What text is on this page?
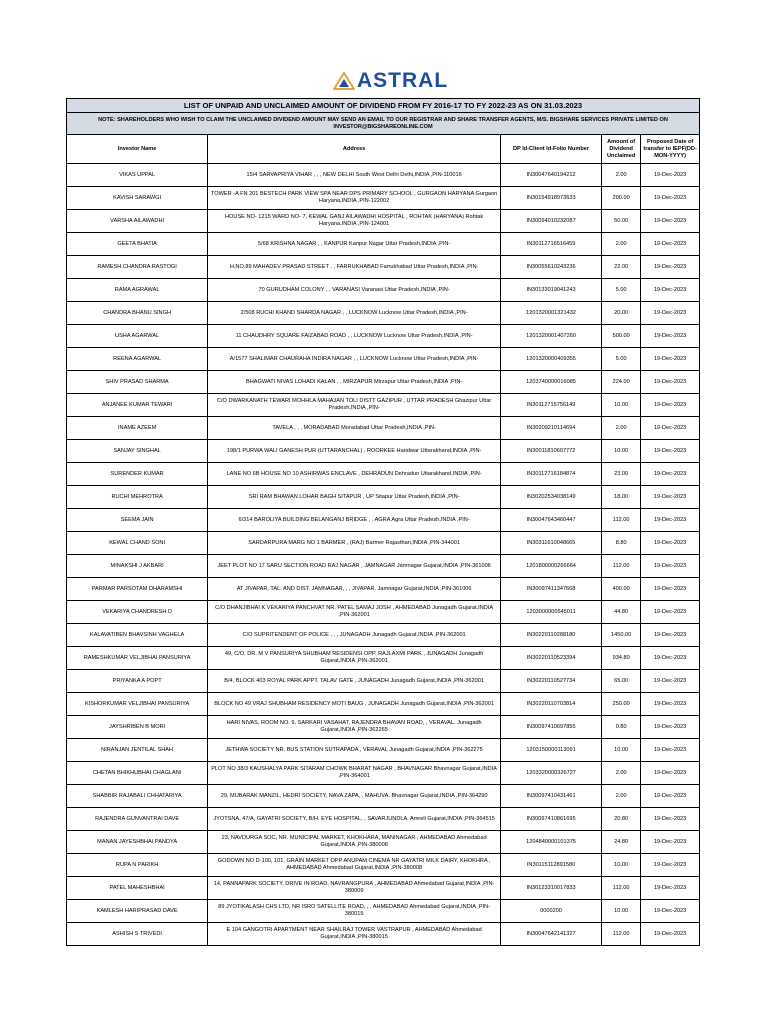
ASTRAL
LIST OF UNPAID AND UNCLAIMED AMOUNT OF DIVIDEND FROM FY 2016-17 TO FY 2022-23 AS ON 31.03.2023				
NOTE: SHAREHOLDERS WHO WISH TO CLAIM THE UNCLAIMED DIVIDEND AMOUNT MAY SEND AN EMAIL TO OUR REGISTRAR AND SHARE TRANSFER AGENTS, M/S. BIGSHARE SERVICES PRIVATE LIMITED ON INVESTOR@BIGSHAREONLINE.COM				
Investor Name	Address	DP Id-Client Id-Folio Number	Amount of Dividend Unclaimed	Proposed Date of transfer to IEPF(DD-MON-YYYY)
VIKAS UPPAL	15/4 SARVAPRIYA VIHAR , , , NEW DELHI South West Delhi Delhi,INDIA ,PIN-110016	IN30047640194212	2.00	19-Dec-2023
KAVISH SARAWGI	TOWER -A FN 201 BESTECH PARK VIEW SPA NEAR DPS PRIMARY SCHOOL , GURGAON HARYANA Gurgaon Haryana,INDIA ,PIN-122002	IN30154918973633	200.00	19-Dec-2023
VARSHA AILAWADHI	HOUSE NO- 1215 WARD NO- 7, KEWAL GANJ AILAWADHI HOSPITAL , ROHTAK (HARYANA) Rohtak Haryana,INDIA ,PIN-124001	IN30094010232087	50.00	19-Dec-2023
GEETA BHATIA	5/68 KRISHNA NAGAR , , KANPUR Kanpur Nagar Uttar Pradesh,INDIA ,PIN-	IN30112716516459	2.00	19-Dec-2023
RAMESH CHANDRA RASTOGI	H.NO.89 MAHADEV PRASAD STREET , , FARRUKHABAD Farrukhabad Uttar Pradesh,INDIA ,PIN-	IN30055610243236	22.00	19-Dec-2023
RAMA AGRAWAL	70 GURUDHAM COLONY , , VARANASI Varanasi Uttar Pradesh,INDIA ,PIN-	IN30133019041243	5.00	19-Dec-2023
CHANDRA BHANU SINGH	2/508 RUCHI KHAND SHARDA NAGAR , , LUCKNOW Lucknow Uttar Pradesh,INDIA ,PIN-	1201320001321432	20.00	19-Dec-2023
USHA AGARWAL	11 CHAUDHRY SQUARE FAIZABAD ROAD , , LUCKNOW Lucknow Uttar Pradesh,INDIA ,PIN-	1201320001407260	500.00	19-Dec-2023
REENA AGARWAL	A/1577 SHALIMAR CHAURAHA INDIRA NAGAR , , LUCKNOW Lucknow Uttar Pradesh,INDIA ,PIN-	1201320000409355	5.00	19-Dec-2023
SHIV PRASAD SHARMA	BHAGWATI NIVAS LOHADI KALAN , , MIRZAPUR Mirzapur Uttar Pradesh,INDIA ,PIN-	1203740000016085	224.00	19-Dec-2023
ANJANEE KUMAR TEWARI	C/O DWARKANATH TEWARI MOHHLA MAHAJAN TOLI DISTT GAZIPUR , UTTAR PRADESH Ghazipur Uttar Pradesh,INDIA ,PIN-	IN30112715756149	10.00	19-Dec-2023
INAME AZEEM	TAVELA , , , MORADABAD Moradabad Uttar Pradesh,INDIA ,PIN-	IN30209210114694	2.00	19-Dec-2023
SANJAY SINGHAL	198/1 PURWA WALI GANESH PUR (UTTARANCHAL) , ROORKEE Haridwar Uttarakhand,INDIA ,PIN-	IN30011810607772	10.00	19-Dec-2023
SURENDER KUMAR	LANE NO 6B HOUSE NO 10 ASHIRWAS ENCLAVE , DEHRADUN Dehradun Uttarakhand,INDIA ,PIN-	IN30112716184874	23.00	19-Dec-2023
RUCHI MEHROTRA	SRI RAM BHAWAN LOHAR BAGH SITAPUR , UP Sitapur Uttar Pradesh,INDIA ,PIN-	IN30202534038149	18.00	19-Dec-2023
SEEMA JAIN	6/314 BAROLIYA BUILDING BELANGANJ BRIDGE , , AGRA Agra Uttar Pradesh,INDIA ,PIN-	IN30047643460447	112.00	19-Dec-2023
KEWAL CHAND SONI	SARDARPURA MARG NO 1 BARMER , (RAJ) Barmer Rajasthan,INDIA ,PIN-344001	IN30311610048665	8.80	19-Dec-2023
MINAKSHI J AKBARI	JEET PLOT NO 17 SARU SECTION ROAD RAJ NAGAR , JAMNAGAR Jamnagar Gujarat,INDIA ,PIN-361006	1201800000266664	112.00	19-Dec-2023
PARMAR PARSOTAM DHARAMSHI	AT JIVAPAR, TAL. AND DIST. JAMNAGAR, , , JIVAPAR. Jamnagar Gujarat,INDIA ,PIN-361006	IN30097411347668	400.00	19-Dec-2023
VEKARIYA CHANDRESH D	C/O DHANJIBHAI K VEKARIYA PANCHVAT NR. PATEL SAMAJ JOSH , AHMEDABAD Junagadh Gujarat,INDIA ,PIN-362001	1203000000545011	44.80	19-Dec-2023
KALAVATIBEN BHAVSINH VAGHELA	C/O SUPRITENDENT OF POLICE , , , JUNAGADH Junagadh Gujarat,INDIA ,PIN-362001	IN30220110288180	1450.00	19-Dec-2023
RAMESHKUMAR VELJIBHAI PANSURIYA	49, C/O. DR. M V PANSURIYA SHUBHAM RESIDENSI OPP. RAJLAXMI PARK , JUNAGADH Junagadh Gujarat,INDIA ,PIN-362001	IN30220110523394	934.80	19-Dec-2023
PRIYANKA A POPT	B/4, BLOCK 403 ROYAL PARK APPT. TALAV GATE , JUNAGADH Junagadh Gujarat,INDIA ,PIN-362001	IN30220110527734	65.00	19-Dec-2023
KISHORKUMAR VELJIBHAI PANSURIYA	BLOCK NO 49 VRAJ SHUBHAM RESIDENCY MOTI BAUG , JUNAGADH Junagadh Gujarat,INDIA ,PIN-362001	IN30220110703814	250.00	19-Dec-2023
JAYSHRIBEN B MORI	HARI NIVAS, ROOM NO. 9, SARKARI VASAHAT, RAJENDRA BHAVAN ROAD, , VERAVAL. Junagadh Gujarat,INDIA ,PIN-362265	IN30097410697855	0.80	19-Dec-2023
NIRANJAN JENTILAL SHAH	JETHWA SOCIETY NR. BUS STATION SUTRAPADA , VERAVAL Junagadh Gujarat,INDIA ,PIN-362275	1203150000113091	10.00	19-Dec-2023
CHETAN BHIKHUBHAI CHAGLANI	PLOT NO 38/3 KAUSHALYA PARK SITARAM CHOWK BHARAT NAGAR , BHAVNAGAR Bhavnagar Gujarat,INDIA ,PIN-364001	1203320000326727	2.00	19-Dec-2023
SHABBIR RAJABALI CHHATARIYA	29, MUBARAK MANZIL, HEDRI SOCIETY, NAVA ZAPA, , MAHUVA. Bhavnagar Gujarat,INDIA ,PIN-364290	IN30097410431461	2.00	19-Dec-2023
RAJENDRA GUNVANTRAI DAVE	JYOTSNA, 47/A, GAYATRI SOCIETY, B/H. EYE HOSPITAL, , SAVARJUNDLA. Amreli Gujarat,INDIA ,PIN-364515	IN30097410861695	20.80	19-Dec-2023
MANAN JAYESHBHAI PANDYA	23, NAVDURGA SOC, NR. MUNICIPAL MARKET, KHOKHARA, MANINAGAR , AHMEDABAD Ahmedabad Gujarat,INDIA ,PIN-380008	1204840000101375	24.80	19-Dec-2023
RUPA N PARIKH	GODOWN NO D-100, 101, GRAIN MARKET OPP ANUPAM CINEMA NR GAYATRI MILK DAIRY, KHOKHRA , AHMEDABAD Ahmedabad Gujarat,INDIA ,PIN-380008	IN30115112891580	10.00	19-Dec-2023
PATEL MAHESHBHAI	14, PANNAPARK SOCIETY, DRIVE IN ROAD, NAVRANGPURA , AHMEDABAD Ahmedabad Gujarat,INDIA ,PIN-380009	IN30123310017833	112.00	19-Dec-2023
KAMLESH HARIPRASAD DAVE	89 JYOTIKALASH CHS LTD, NR ISRO SATELLITE ROAD, , , AHMEDABAD Ahmedabad Gujarat,INDIA ,PIN-380015	0000200	10.00	19-Dec-2023
ASHISH S TRIVEDI	E 104 GANGOTRI APARTMENT NEAR SHAILRAJ TOWER VASTRAPUR , AHMEDABAD Ahmedabad Gujarat,INDIA ,PIN-380015	IN30047642141327	112.00	19-Dec-2023
